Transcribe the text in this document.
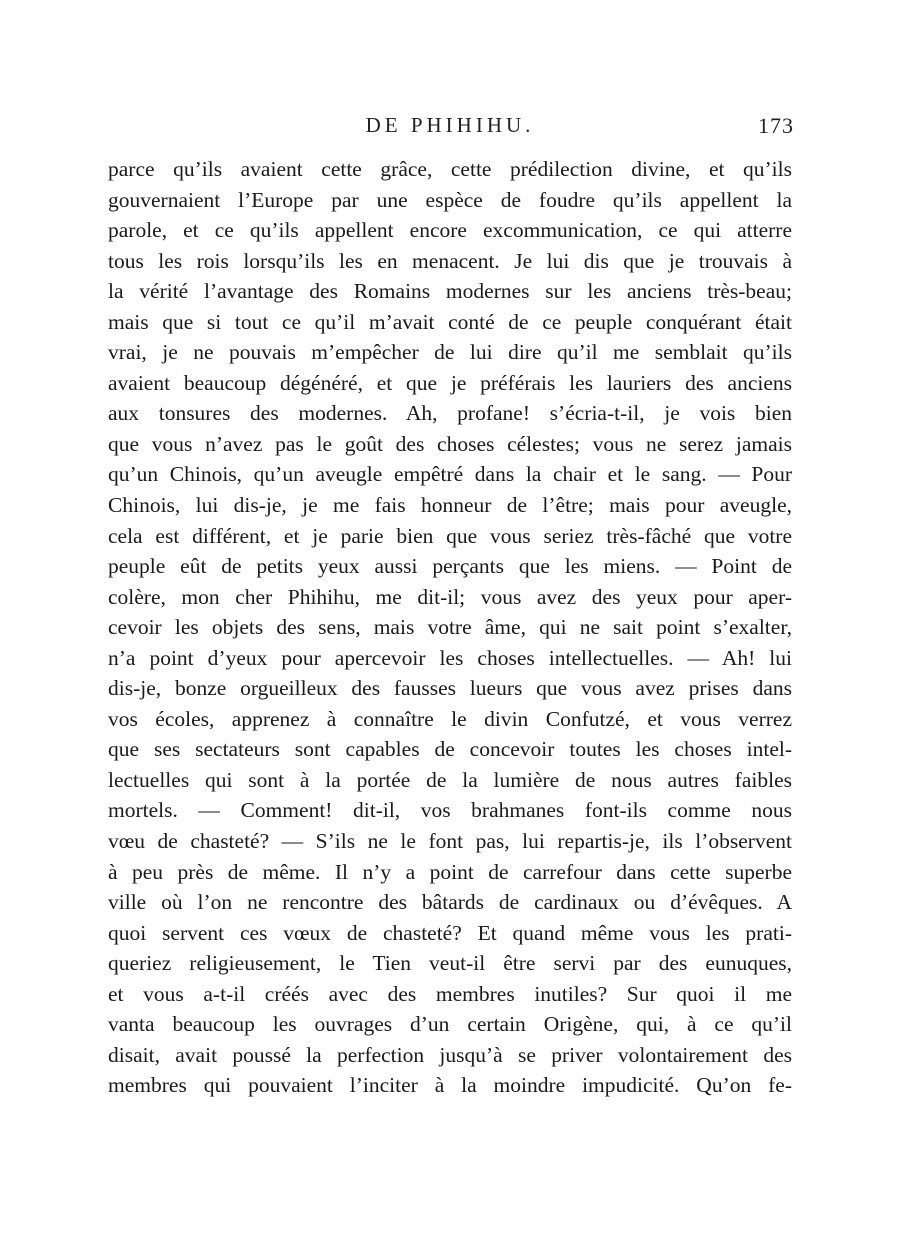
DE PHIHIHU.	173
parce qu’ils avaient cette grâce, cette prédilection divine, et qu’ils
gouvernaient l’Europe par une espèce de foudre qu’ils appellent la
parole, et ce qu’ils appellent encore excommunication, ce qui atterre
tous les rois lorsqu’ils les en menacent. Je lui dis que je trouvais à
la vérité l’avantage des Romains modernes sur les anciens très-beau;
mais que si tout ce qu’il m’avait conté de ce peuple conquérant était
vrai, je ne pouvais m’empêcher de lui dire qu’il me semblait qu’ils
avaient beaucoup dégénéré, et que je préférais les lauriers des anciens
aux tonsures des modernes. Ah, profane! s’écria-t-il, je vois bien
que vous n’avez pas le goût des choses célestes; vous ne serez jamais
qu’un Chinois, qu’un aveugle empêtré dans la chair et le sang. — Pour
Chinois, lui dis-je, je me fais honneur de l’être; mais pour aveugle,
cela est différent, et je parie bien que vous seriez très-fâché que votre
peuple eût de petits yeux aussi perçants que les miens. — Point de
colère, mon cher Phihihu, me dit-il; vous avez des yeux pour aper-
cevoir les objets des sens, mais votre âme, qui ne sait point s’exalter,
n’a point d’yeux pour apercevoir les choses intellectuelles. — Ah! lui
dis-je, bonze orgueilleux des fausses lueurs que vous avez prises dans
vos écoles, apprenez à connaître le divin Confutzé, et vous verrez
que ses sectateurs sont capables de concevoir toutes les choses intel-
lectuelles qui sont à la portée de la lumière de nous autres faibles
mortels. — Comment! dit-il, vos brahmanes font-ils comme nous
vœu de chasteté? — S’ils ne le font pas, lui repartis-je, ils l’observent
à peu près de même. Il n’y a point de carrefour dans cette superbe
ville où l’on ne rencontre des bâtards de cardinaux ou d’évêques. A
quoi servent ces vœux de chasteté? Et quand même vous les prati-
queriez religieusement, le Tien veut-il être servi par des eunuques,
et vous a-t-il créés avec des membres inutiles? Sur quoi il me
vanta beaucoup les ouvrages d’un certain Origène, qui, à ce qu’il
disait, avait poussé la perfection jusqu’à se priver volontairement des
membres qui pouvaient l’inciter à la moindre impudicité. Qu’on fe-
